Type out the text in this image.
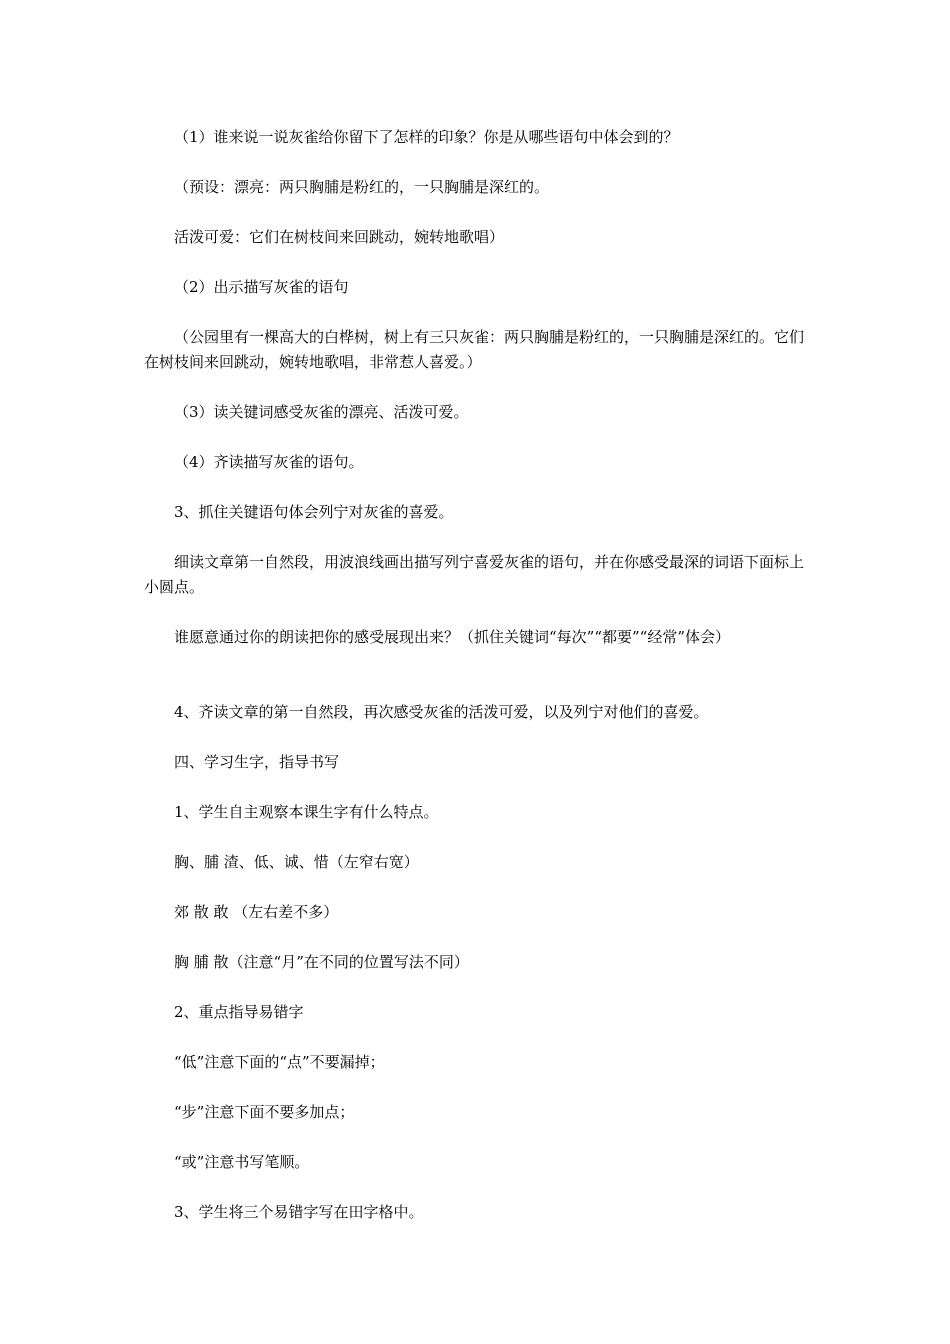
（1）谁来说一说灰雀给你留下了怎样的印象？你是从哪些语句中体会到的？

（预设：漂亮：两只胸脯是粉红的，一只胸脯是深红的。

活泼可爱：它们在树枝间来回跳动，婉转地歌唱）

（2）出示描写灰雀的语句

（公园里有一棵高大的白桦树，树上有三只灰雀：两只胸脯是粉红的，一只胸脯是深红的。它们在树枝间来回跳动，婉转地歌唱，非常惹人喜爱。）

（3）读关键词感受灰雀的漂亮、活泼可爱。

（4）齐读描写灰雀的语句。

3、抓住关键语句体会列宁对灰雀的喜爱。

细读文章第一自然段，用波浪线画出描写列宁喜爱灰雀的语句，并在你感受最深的词语下面标上小圆点。

谁愿意通过你的朗读把你的感受展现出来？（抓住关键词“每次”“都要”“经常”体会）

4、齐读文章的第一自然段，再次感受灰雀的活泼可爱，以及列宁对他们的喜爱。

四、学习生字，指导书写

1、学生自主观察本课生字有什么特点。

胸、脯 渣、低、诚、惜（左窄右宽）

郊 散 敢 （左右差不多）

胸 脯 散（注意“月”在不同的位置写法不同）

2、重点指导易错字

“低”注意下面的“点”不要漏掉；

“步”注意下面不要多加点；

“或”注意书写笔顺。

3、学生将三个易错字写在田字格中。
